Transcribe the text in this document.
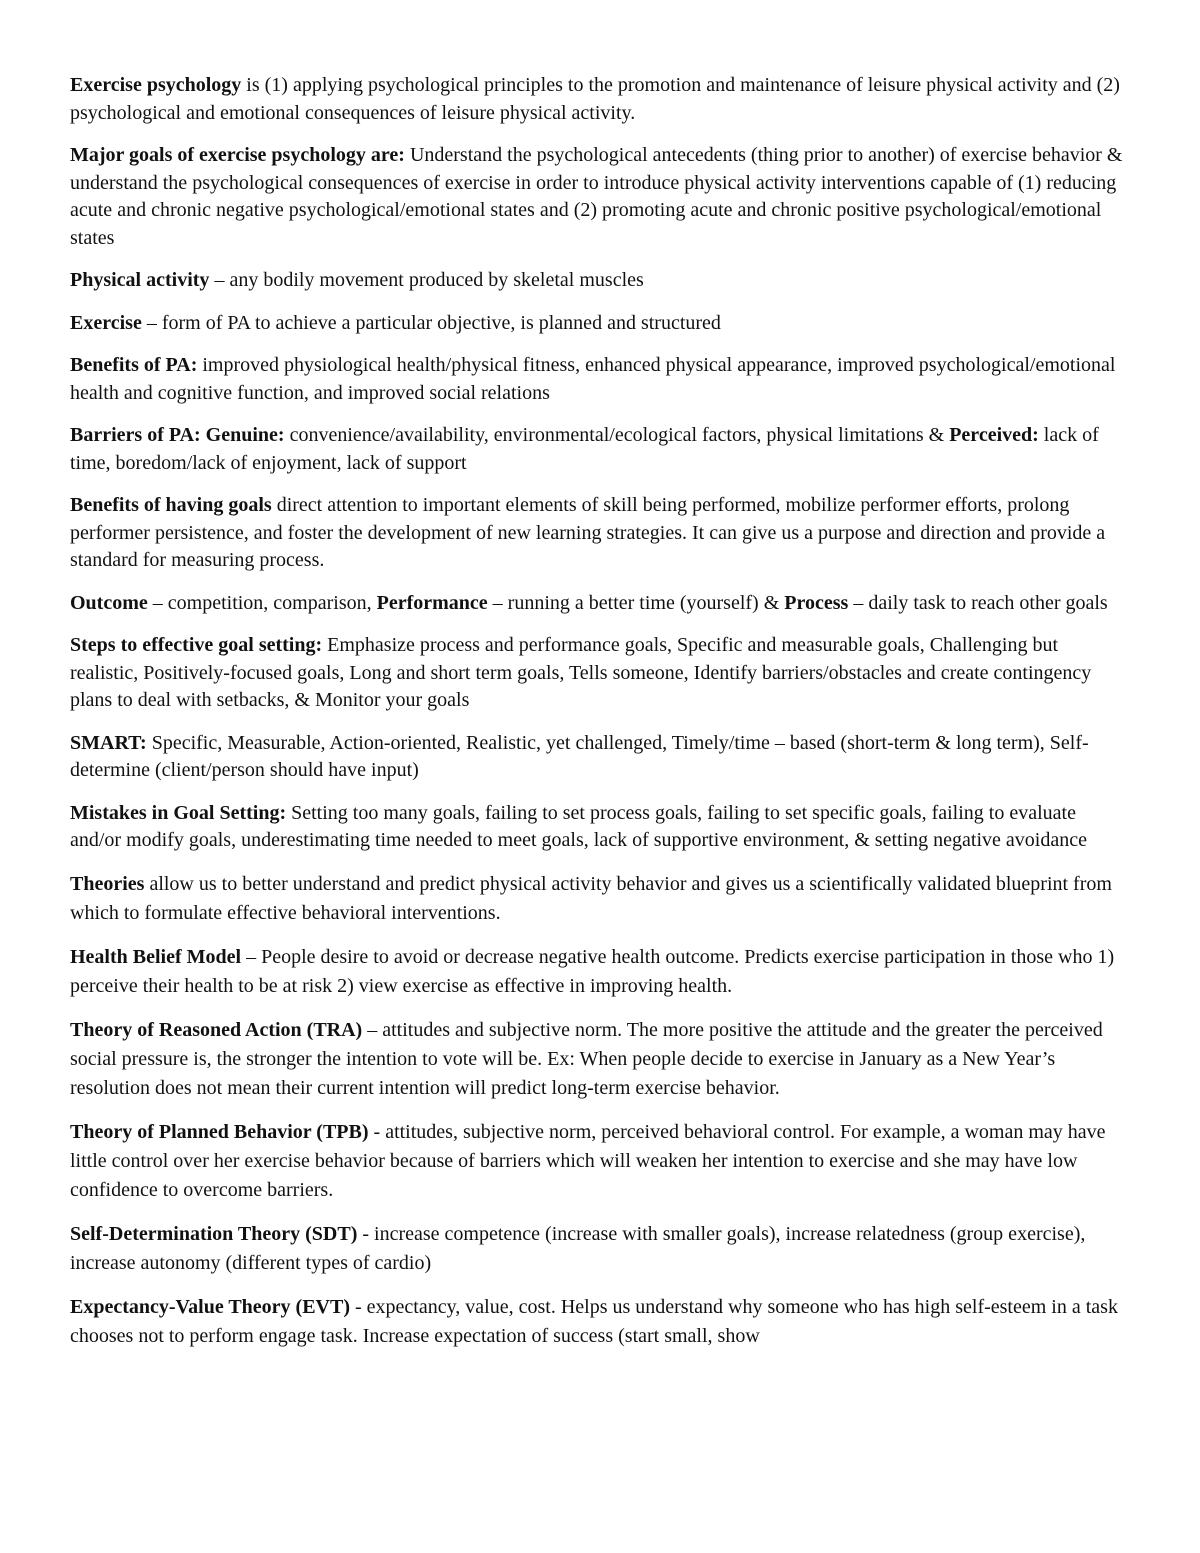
Exercise psychology is (1) applying psychological principles to the promotion and maintenance of leisure physical activity and (2) psychological and emotional consequences of leisure physical activity.

Major goals of exercise psychology are: Understand the psychological antecedents (thing prior to another) of exercise behavior & understand the psychological consequences of exercise in order to introduce physical activity interventions capable of (1) reducing acute and chronic negative psychological/emotional states and (2) promoting acute and chronic positive psychological/emotional states

Physical activity – any bodily movement produced by skeletal muscles

Exercise – form of PA to achieve a particular objective, is planned and structured

Benefits of PA: improved physiological health/physical fitness, enhanced physical appearance, improved psychological/emotional health and cognitive function, and improved social relations

Barriers of PA: Genuine: convenience/availability, environmental/ecological factors, physical limitations & Perceived: lack of time, boredom/lack of enjoyment, lack of support

Benefits of having goals direct attention to important elements of skill being performed, mobilize performer efforts, prolong performer persistence, and foster the development of new learning strategies. It can give us a purpose and direction and provide a standard for measuring process.

Outcome – competition, comparison, Performance – running a better time (yourself) & Process – daily task to reach other goals

Steps to effective goal setting: Emphasize process and performance goals, Specific and measurable goals, Challenging but realistic, Positively-focused goals, Long and short term goals, Tells someone, Identify barriers/obstacles and create contingency plans to deal with setbacks, & Monitor your goals

SMART: Specific, Measurable, Action-oriented, Realistic, yet challenged, Timely/time – based (short-term & long term), Self-determine (client/person should have input)

Mistakes in Goal Setting: Setting too many goals, failing to set process goals, failing to set specific goals, failing to evaluate and/or modify goals, underestimating time needed to meet goals, lack of supportive environment, & setting negative avoidance

Theories allow us to better understand and predict physical activity behavior and gives us a scientifically validated blueprint from which to formulate effective behavioral interventions.

Health Belief Model – People desire to avoid or decrease negative health outcome. Predicts exercise participation in those who 1) perceive their health to be at risk 2) view exercise as effective in improving health.

Theory of Reasoned Action (TRA) – attitudes and subjective norm. The more positive the attitude and the greater the perceived social pressure is, the stronger the intention to vote will be. Ex: When people decide to exercise in January as a New Year’s resolution does not mean their current intention will predict long-term exercise behavior.

Theory of Planned Behavior (TPB) - attitudes, subjective norm, perceived behavioral control. For example, a woman may have little control over her exercise behavior because of barriers which will weaken her intention to exercise and she may have low confidence to overcome barriers.

Self-Determination Theory (SDT) - increase competence (increase with smaller goals), increase relatedness (group exercise), increase autonomy (different types of cardio)

Expectancy-Value Theory (EVT) - expectancy, value, cost. Helps us understand why someone who has high self-esteem in a task chooses not to perform engage task. Increase expectation of success (start small, show
